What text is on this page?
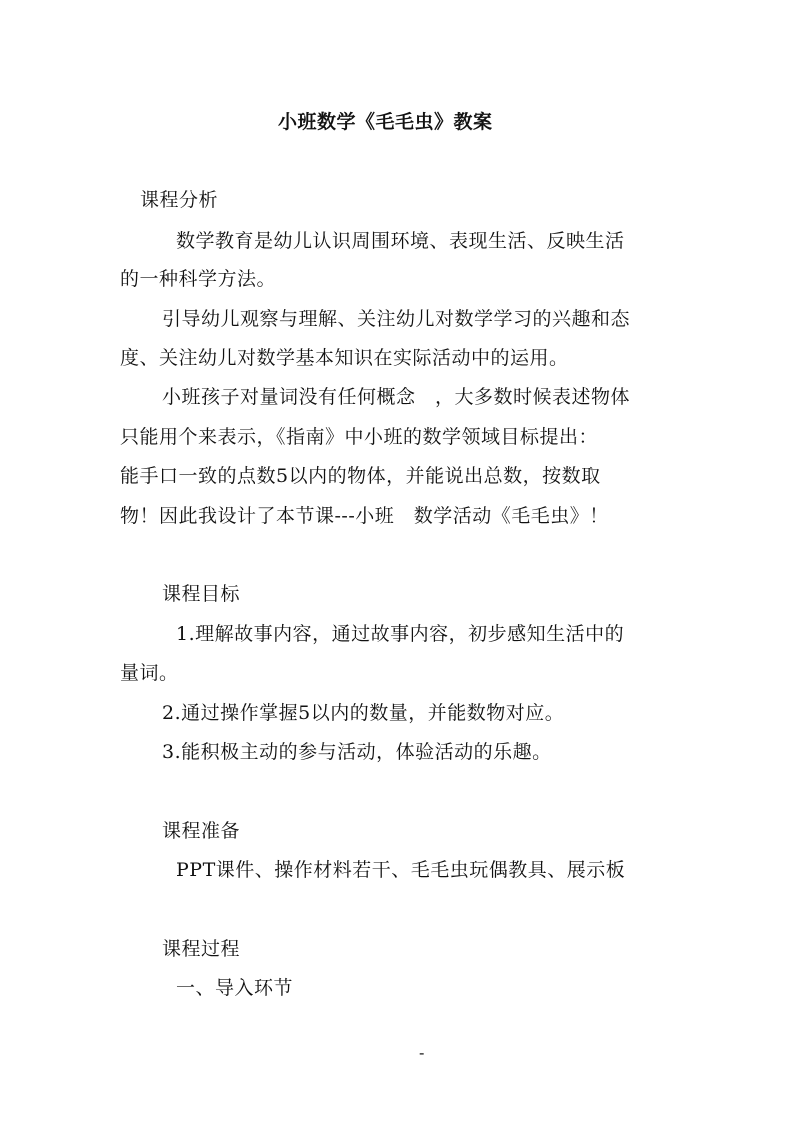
小班数学《毛毛虫》教案
课程分析
数学教育是幼儿认识周围环境、表现生活、反映生活
的一种科学方法。
引导幼儿观察与理解、关注幼儿对数学学习的兴趣和态
度、关注幼儿对数学基本知识在实际活动中的运用。
小班孩子对量词没有任何概念　，大多数时候表述物体
只能用个来表示，《指南》中小班的数学领域目标提出：
能手口一致的点数5以内的物体，并能说出总数，按数取
物！因此我设计了本节课---小班　数学活动《毛毛虫》！
课程目标
1.理解故事内容，通过故事内容，初步感知生活中的
量词。
2.通过操作掌握5以内的数量，并能数物对应。
3.能积极主动的参与活动，体验活动的乐趣。
课程准备
PPT课件、操作材料若干、毛毛虫玩偶教具、展示板
课程过程
一、导入环节
-
